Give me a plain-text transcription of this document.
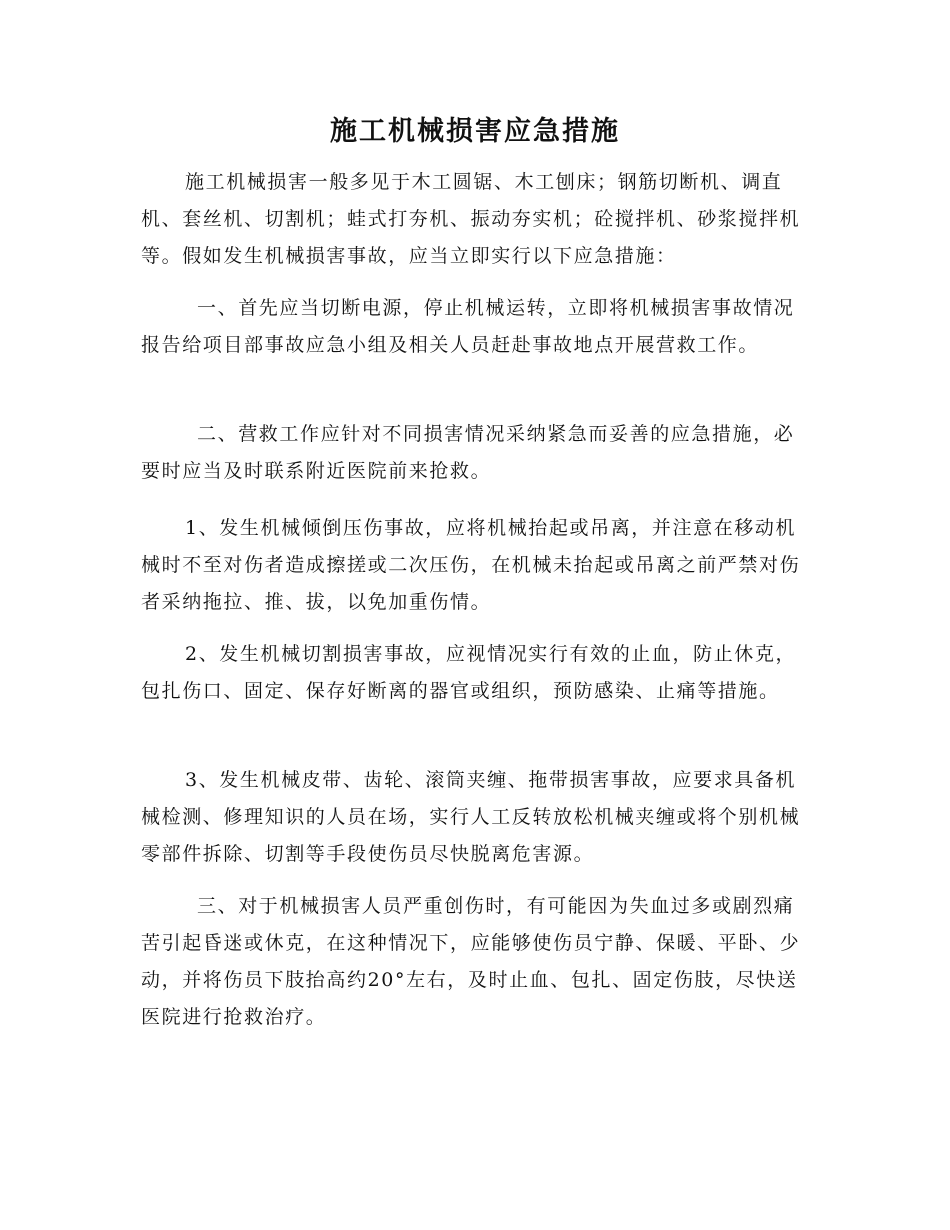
施工机械损害应急措施

施工机械损害一般多见于木工圆锯、木工刨床；钢筋切断机、调直机、套丝机、切割机；蛙式打夯机、振动夯实机；砼搅拌机、砂浆搅拌机等。假如发生机械损害事故，应当立即实行以下应急措施：

一、首先应当切断电源，停止机械运转，立即将机械损害事故情况报告给项目部事故应急小组及相关人员赶赴事故地点开展营救工作。

二、营救工作应针对不同损害情况采纳紧急而妥善的应急措施，必要时应当及时联系附近医院前来抢救。

1、发生机械倾倒压伤事故，应将机械抬起或吊离，并注意在移动机械时不至对伤者造成擦搓或二次压伤，在机械未抬起或吊离之前严禁对伤者采纳拖拉、推、拔，以免加重伤情。

2、发生机械切割损害事故，应视情况实行有效的止血，防止休克，包扎伤口、固定、保存好断离的器官或组织，预防感染、止痛等措施。

3、发生机械皮带、齿轮、滚筒夹缠、拖带损害事故，应要求具备机械检测、修理知识的人员在场，实行人工反转放松机械夹缠或将个别机械零部件拆除、切割等手段使伤员尽快脱离危害源。

三、对于机械损害人员严重创伤时，有可能因为失血过多或剧烈痛苦引起昏迷或休克，在这种情况下，应能够使伤员宁静、保暖、平卧、少动，并将伤员下肢抬高约20°左右，及时止血、包扎、固定伤肢，尽快送医院进行抢救治疗。
